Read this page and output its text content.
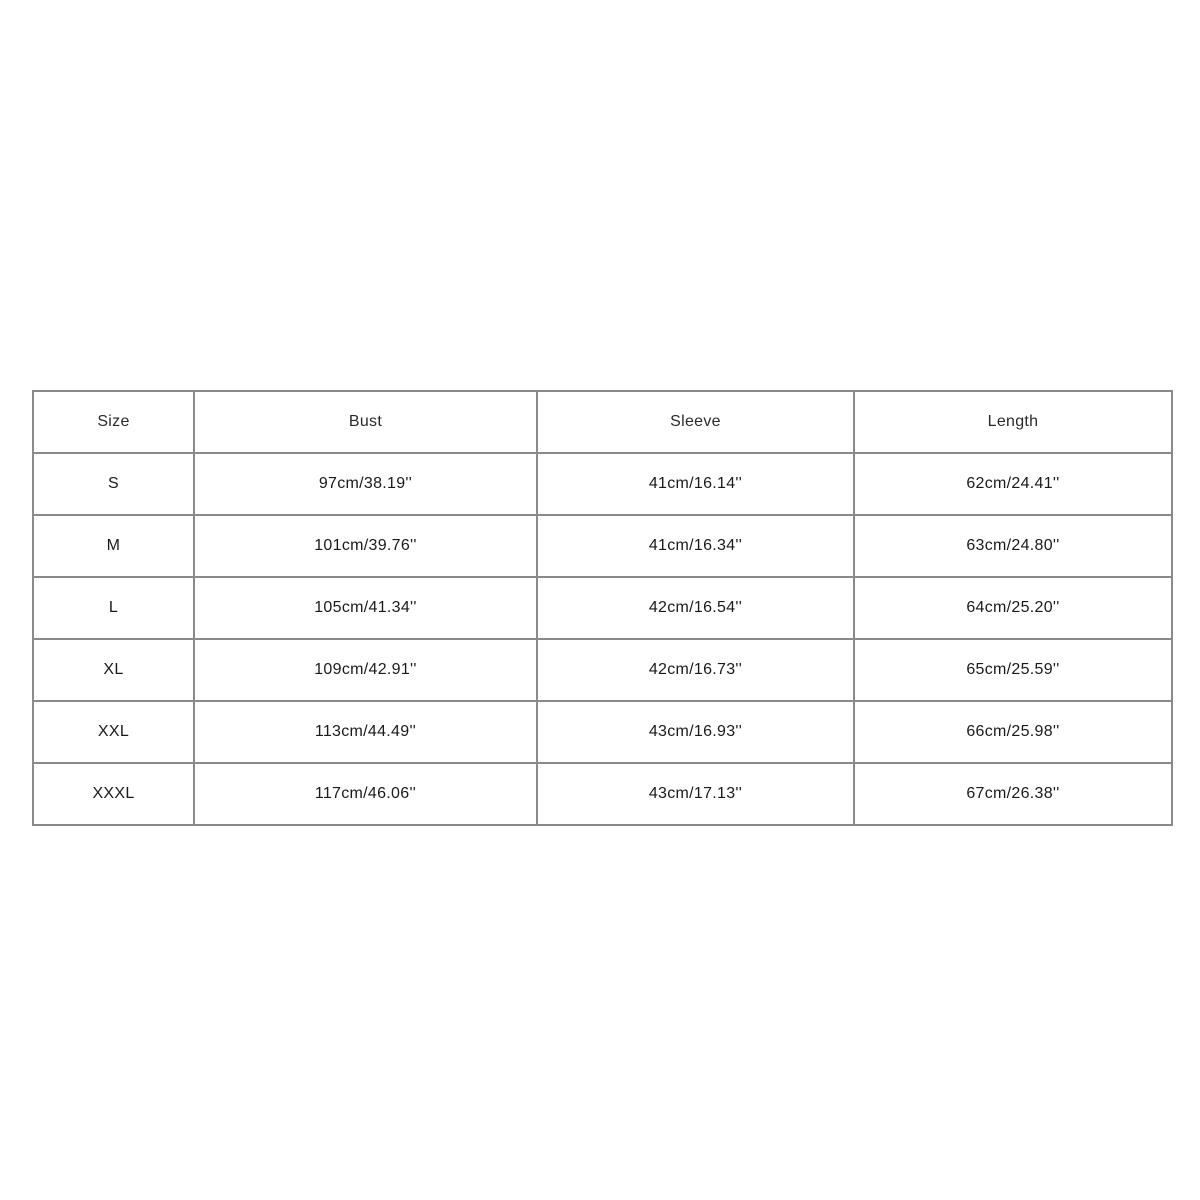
Size	Bust	Sleeve	Length
S	97cm/38.19''	41cm/16.14''	62cm/24.41''
M	101cm/39.76''	41cm/16.34''	63cm/24.80''
L	105cm/41.34''	42cm/16.54''	64cm/25.20''
XL	109cm/42.91''	42cm/16.73''	65cm/25.59''
XXL	113cm/44.49''	43cm/16.93''	66cm/25.98''
XXXL	117cm/46.06''	43cm/17.13''	67cm/26.38''
